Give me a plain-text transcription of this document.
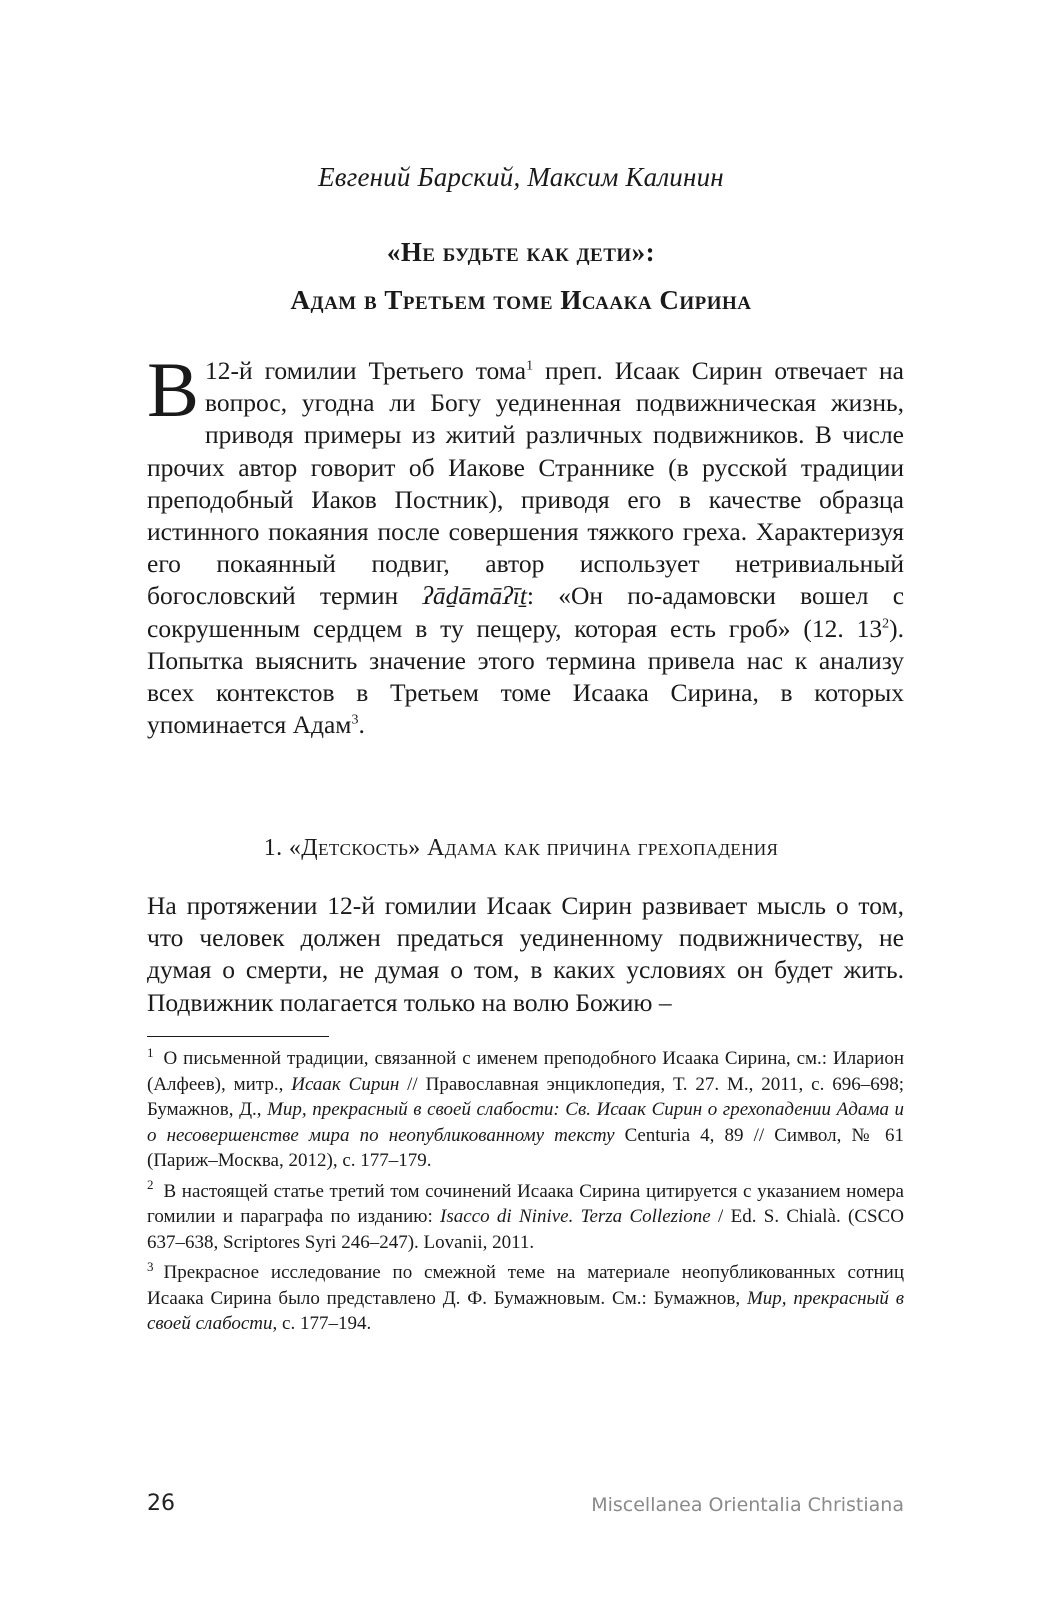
Евгений Барский, Максим Калинин
«Не будьте как дети»:
Адам в Третьем томе Исаака Сирина
В 12-й гомилии Третьего тома$^1$ преп. Исаак Сирин отвечает на вопрос, угодна ли Богу уединенная подвижническая жизнь, приводя примеры из житий различных подвижников. В числе прочих автор говорит об Иакове Страннике (в русской традиции преподобный Иаков Постник), приводя его в качестве образца истинного покаяния после совершения тяжкого греха. Характеризуя его покаянный подвиг, автор использует нетривиальный богословский термин ʔāḏāmāʔīṯ: «Он по-адамовски вошел с сокрушенным сердцем в ту пещеру, которая есть гроб» (12. $13^2$). Попытка выяснить значение этого термина привела нас к анализу всех контекстов в Третьем томе Исаака Сирина, в которых упоминается Адам$^3$.
1. «Детскость» Адама как причина грехопадения
На протяжении 12-й гомилии Исаак Сирин развивает мысль о том, что человек должен предаться уединенному подвижничеству, не думая о смерти, не думая о том, в каких условиях он будет жить. Подвижник полагается только на волю Божию –
$^1$ О письменной традиции, связанной с именем преподобного Исаака Сирина, см.: Иларион (Алфеев), митр., Исаак Сирин // Православная энциклопедия, Т. 27. М., 2011, с. 696–698; Бумажнов, Д., Мир, прекрасный в своей слабости: Св. Исаак Сирин о грехопадении Адама и о несовершенстве мира по неопубликованному тексту Centuria 4, 89 // Символ, № 61 (Париж–Москва, 2012), с. 177–179.
$^2$ В настоящей статье третий том сочинений Исаака Сирина цитируется с указанием номера гомилии и параграфа по изданию: Isacco di Ninive. Terza Collezione / Ed. S. Chialà. (CSCO 637–638, Scriptores Syri 246–247). Lovanii, 2011.
$^3$ Прекрасное исследование по смежной теме на материале неопубликованных сотниц Исаака Сирина было представлено Д. Ф. Бумажновым. См.: Бумажнов, Мир, прекрасный в своей слабости, с. 177–194.
26	Miscellanea Orientalia Christiana
